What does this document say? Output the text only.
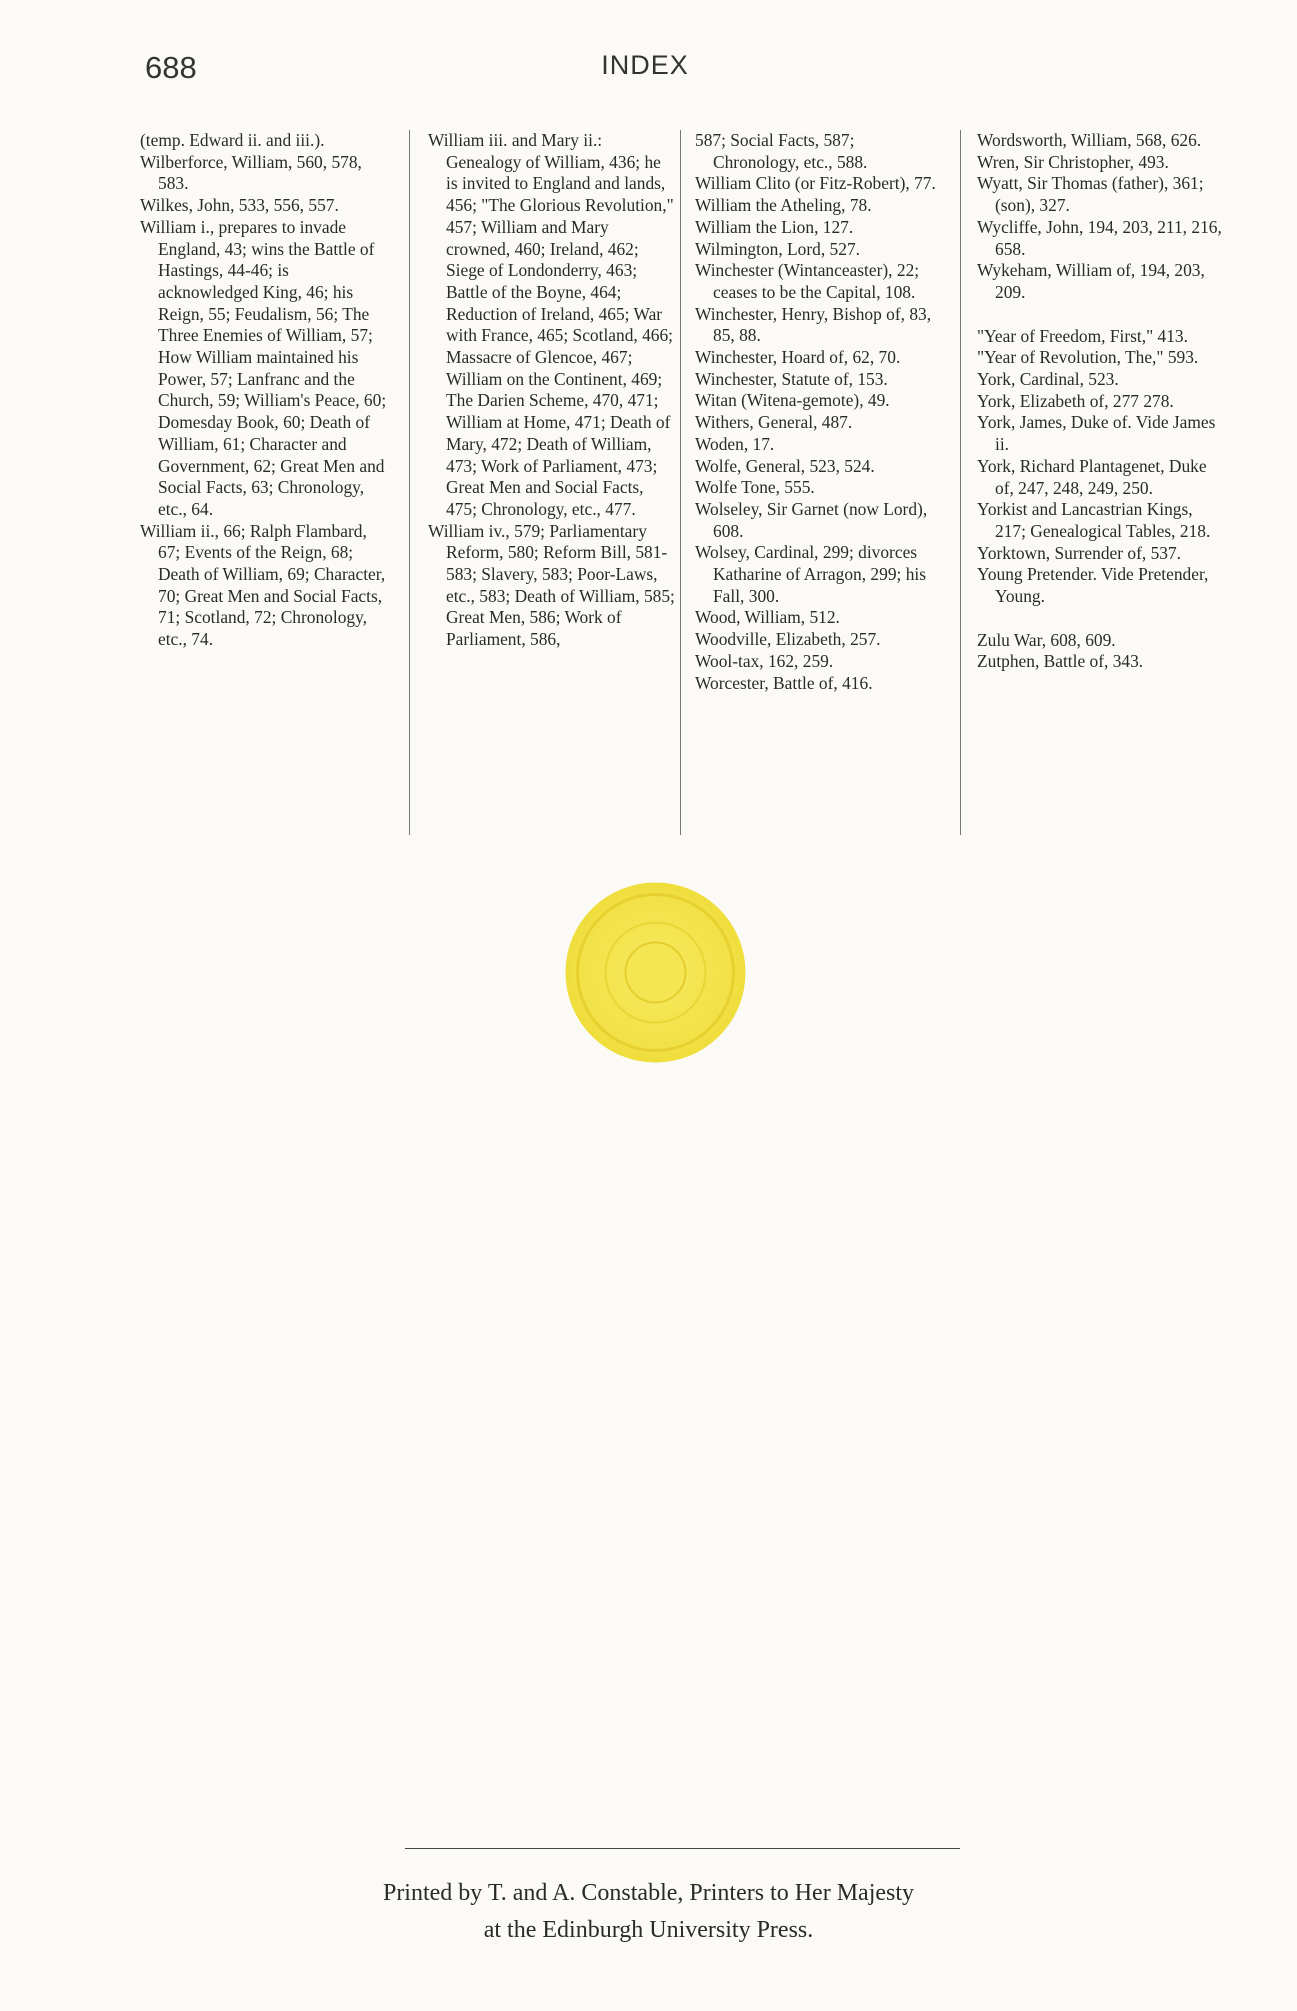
688	INDEX

(temp. Edward ii. and iii.).

Wilberforce, William, 560, 578, 583.

Wilkes, John, 533, 556, 557.

William i., prepares to invade England, 43; wins the Battle of Hastings, 44-46; is acknowledged King, 46; his Reign, 55; Feudalism, 56; The Three Enemies of William, 57; How William maintained his Power, 57; Lanfranc and the Church, 59; William's Peace, 60; Domesday Book, 60; Death of William, 61; Character and Government, 62; Great Men and Social Facts, 63; Chronology, etc., 64.

William ii., 66; Ralph Flambard, 67; Events of the Reign, 68; Death of William, 69; Character, 70; Great Men and Social Facts, 71; Scotland, 72; Chronology, etc., 74.

William iii. and Mary ii.: Genealogy of William, 436; he is invited to England and lands, 456; "The Glorious Revolution," 457; William and Mary crowned, 460; Ireland, 462; Siege of Londonderry, 463; Battle of the Boyne, 464; Reduction of Ireland, 465; War with France, 465; Scotland, 466; Massacre of Glencoe, 467; William on the Continent, 469; The Darien Scheme, 470, 471; William at Home, 471; Death of Mary, 472; Death of William, 473; Work of Parliament, 473; Great Men and Social Facts, 475; Chronology, etc., 477.

William iv., 579; Parliamentary Reform, 580; Reform Bill, 581-583; Slavery, 583; Poor-Laws, etc., 583; Death of William, 585; Great Men, 586; Work of Parliament, 586,

587; Social Facts, 587; Chronology, etc., 588.

William Clito (or Fitz-Robert), 77.

William the Atheling, 78.

William the Lion, 127.

Wilmington, Lord, 527.

Winchester (Wintanceaster), 22; ceases to be the Capital, 108.

Winchester, Henry, Bishop of, 83, 85, 88.

Winchester, Hoard of, 62, 70.

Winchester, Statute of, 153.

Witan (Witena-gemote), 49.

Withers, General, 487.

Woden, 17.

Wolfe, General, 523, 524.

Wolfe Tone, 555.

Wolseley, Sir Garnet (now Lord), 608.

Wolsey, Cardinal, 299; divorces Katharine of Arragon, 299; his Fall, 300.

Wood, William, 512.

Woodville, Elizabeth, 257.

Wool-tax, 162, 259.

Worcester, Battle of, 416.

Wordsworth, William, 568, 626.

Wren, Sir Christopher, 493.

Wyatt, Sir Thomas (father), 361; (son), 327.

Wycliffe, John, 194, 203, 211, 216, 658.

Wykeham, William of, 194, 203, 209.

"Year of Freedom, First," 413.

"Year of Revolution, The," 593.

York, Cardinal, 523.

York, Elizabeth of, 277 278.

York, James, Duke of. Vide James ii.

York, Richard Plantagenet, Duke of, 247, 248, 249, 250.

Yorkist and Lancastrian Kings, 217; Genealogical Tables, 218.

Yorktown, Surrender of, 537.

Young Pretender. Vide Pretender, Young.

Zulu War, 608, 609.

Zutphen, Battle of, 343.

Printed by T. and A. Constable, Printers to Her Majesty
at the Edinburgh University Press.
